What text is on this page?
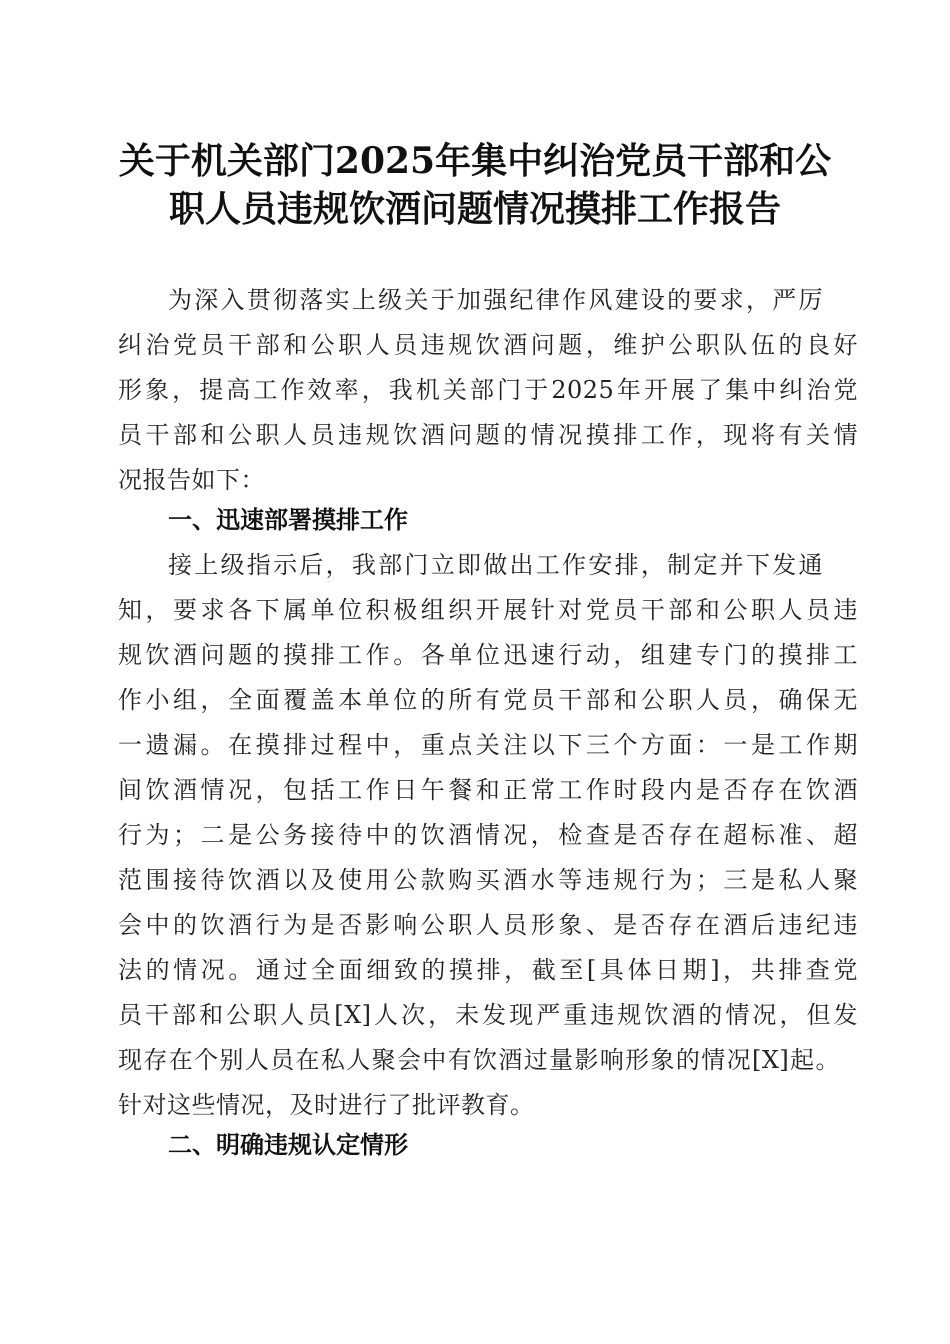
关于机关部门2025年集中纠治党员干部和公
职人员违规饮酒问题情况摸排工作报告
为深入贯彻落实上级关于加强纪律作风建设的要求，严厉
纠治党员干部和公职人员违规饮酒问题，维护公职队伍的良好
形象，提高工作效率，我机关部门于2025年开展了集中纠治党
员干部和公职人员违规饮酒问题的情况摸排工作，现将有关情
况报告如下：
一、迅速部署摸排工作
接上级指示后，我部门立即做出工作安排，制定并下发通
知，要求各下属单位积极组织开展针对党员干部和公职人员违
规饮酒问题的摸排工作。各单位迅速行动，组建专门的摸排工
作小组，全面覆盖本单位的所有党员干部和公职人员，确保无
一遗漏。在摸排过程中，重点关注以下三个方面：一是工作期
间饮酒情况，包括工作日午餐和正常工作时段内是否存在饮酒
行为；二是公务接待中的饮酒情况，检查是否存在超标准、超
范围接待饮酒以及使用公款购买酒水等违规行为；三是私人聚
会中的饮酒行为是否影响公职人员形象、是否存在酒后违纪违
法的情况。通过全面细致的摸排，截至[具体日期]，共排查党
员干部和公职人员[X]人次，未发现严重违规饮酒的情况，但发
现存在个别人员在私人聚会中有饮酒过量影响形象的情况[X]起。
针对这些情况，及时进行了批评教育。
二、明确违规认定情形
